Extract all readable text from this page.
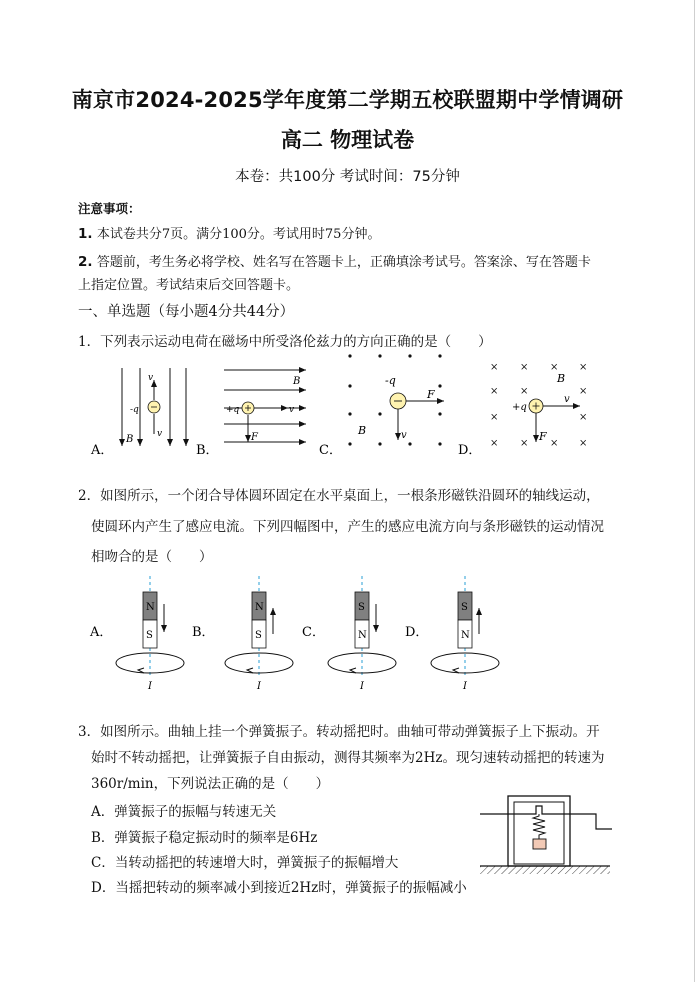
南京市2024-2025学年度第二学期五校联盟期中学情调研
高二 物理试卷
本卷：共100分 考试时间：75分钟
注意事项：
1. 本试卷共分7页。满分100分。考试用时75分钟。
2. 答题前，考生务必将学校、姓名写在答题卡上，正确填涂考试号。答案涂、写在答题卡
上指定位置。考试结束后交回答题卡。
一、单选题（每小题4分共44分）
1．下列表示运动电荷在磁场中所受洛伦兹力的方向正确的是（　　）
v
-q
v
B
A．
B
+q	v
F
B．
-q
F
B	v
C．
× × × ×
× ×	×
×	×
× × × ×
B
+q
v
F
D．
2．如图所示，一个闭合导体圆环固定在水平桌面上，一根条形磁铁沿圆环的轴线运动，
使圆环内产生了感应电流。下列四幅图中，产生的感应电流方向与条形磁铁的运动情况
相吻合的是（　　）
N
S
I
A．
N
S
I
B．
S
N
I
C．
S
N
I
D．
3．如图所示。曲轴上挂一个弹簧振子。转动摇把时。曲轴可带动弹簧振子上下振动。开
始时不转动摇把，让弹簧振子自由振动，测得其频率为2Hz。现匀速转动摇把的转速为
360r/min，下列说法正确的是（　　）
A．弹簧振子的振幅与转速无关
B．弹簧振子稳定振动时的频率是6Hz
C．当转动摇把的转速增大时，弹簧振子的振幅增大
D．当摇把转动的频率减小到接近2Hz时，弹簧振子的振幅减小
